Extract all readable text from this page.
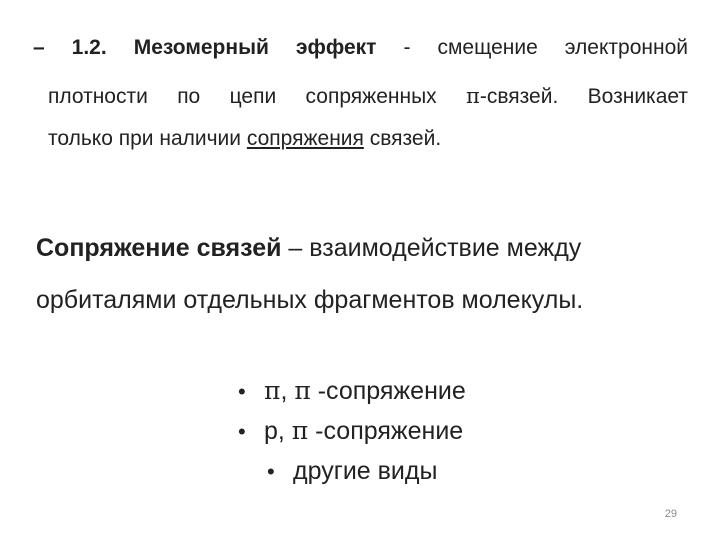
– 1.2. Мезомерный эффект - смещение электронной
плотности по цепи сопряженных π-связей. Возникает
только при наличии сопряжения связей.
Сопряжение связей – взаимодействие между
орбиталями отдельных фрагментов молекулы.
• π, π -сопряжение
• p, π -сопряжение
• другие виды
29
